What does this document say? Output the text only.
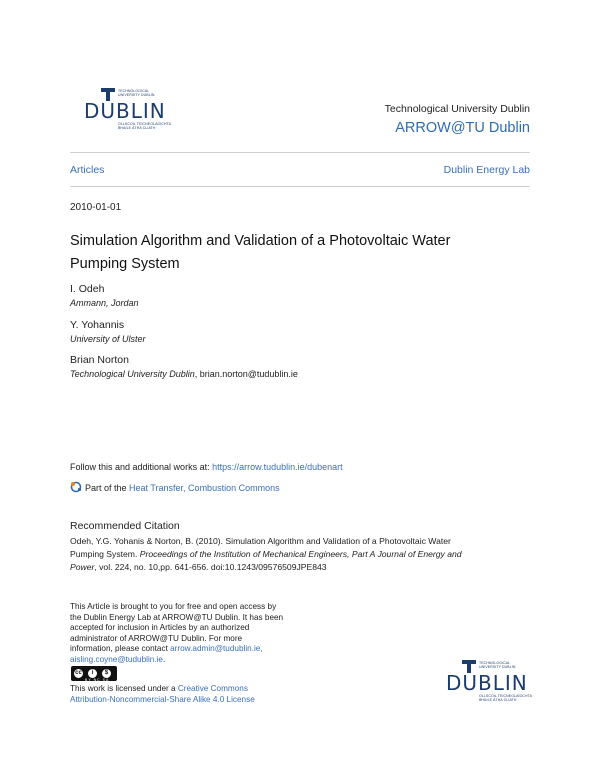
TECHNOLOGICAL
UNIVERSITY DUBLIN
DUBLIN
OLLSCOIL TEICNEOLAÍOCHTA
BHAILE ÁTHA CLIATH
Technological University Dublin
ARROW@TU Dublin
Articles	Dublin Energy Lab
2010-01-01
Simulation Algorithm and Validation of a Photovoltaic Water
Pumping System
I. Odeh
Ammann, Jordan
Y. Yohannis
University of Ulster
Brian Norton
Technological University Dublin, brian.norton@tudublin.ie
Follow this and additional works at: https://arrow.tudublin.ie/dubenart
Part of the Heat Transfer, Combustion Commons
Recommended Citation
Odeh, Y.G. Yohanis & Norton, B. (2010). Simulation Algorithm and Validation of a Photovoltaic Water
Pumping System. Proceedings of the Institution of Mechanical Engineers, Part A Journal of Energy and
Power, vol. 224, no. 10,pp. 641-656. doi:10.1243/09576509JPE843
This Article is brought to you for free and open access by
the Dublin Energy Lab at ARROW@TU Dublin. It has been
accepted for inclusion in Articles by an authorized
administrator of ARROW@TU Dublin. For more
information, please contact arrow.admin@tudublin.ie,
aisling.coyne@tudublin.ie.
cc	i	$
BY NC SA
This work is licensed under a Creative Commons
Attribution-Noncommercial-Share Alike 4.0 License
TECHNOLOGICAL
UNIVERSITY DUBLIN
DUBLIN
OLLSCOIL TEICNEOLAÍOCHTA
BHAILE ÁTHA CLIATH
